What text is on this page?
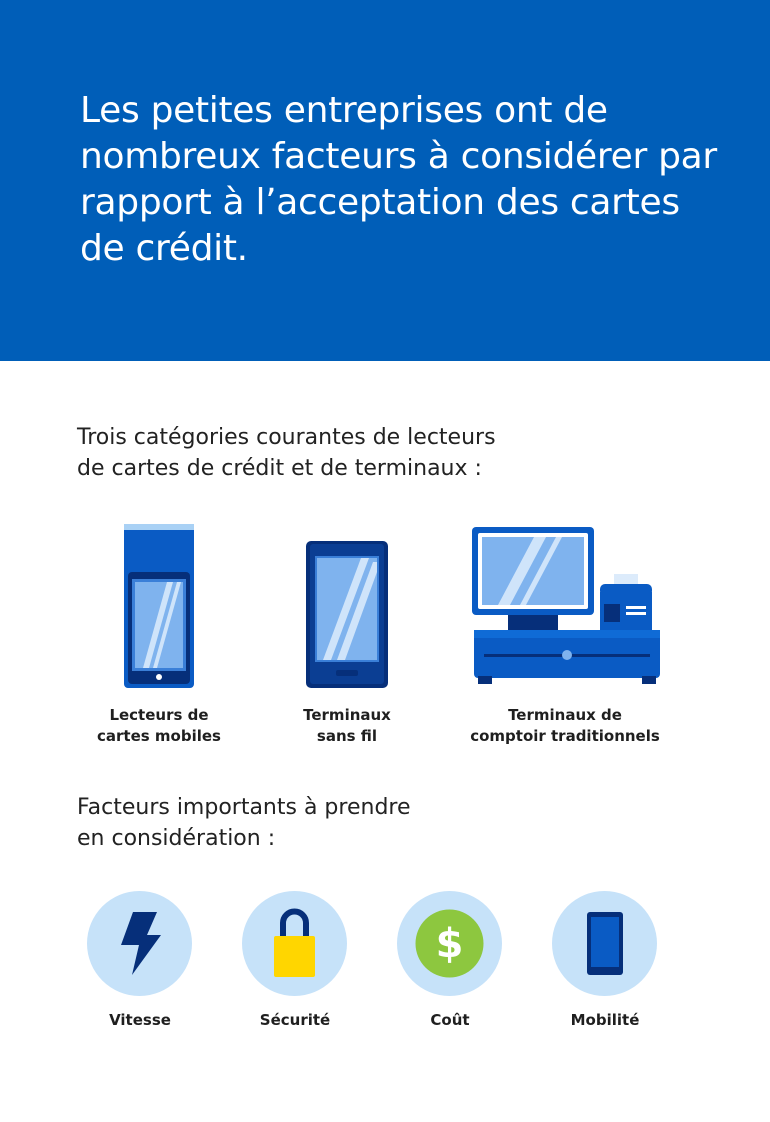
Les petites entreprises ont de nombreux facteurs à considérer par rapport à l’acceptation des cartes de crédit.
Trois catégories courantes de lecteurs
de cartes de crédit et de terminaux :
Lecteurs de
cartes mobiles
Terminaux
sans fil
Terminaux de
comptoir traditionnels
Facteurs importants à prendre
en considération :
Vitesse	Sécurité
$
Coût	Mobilité
